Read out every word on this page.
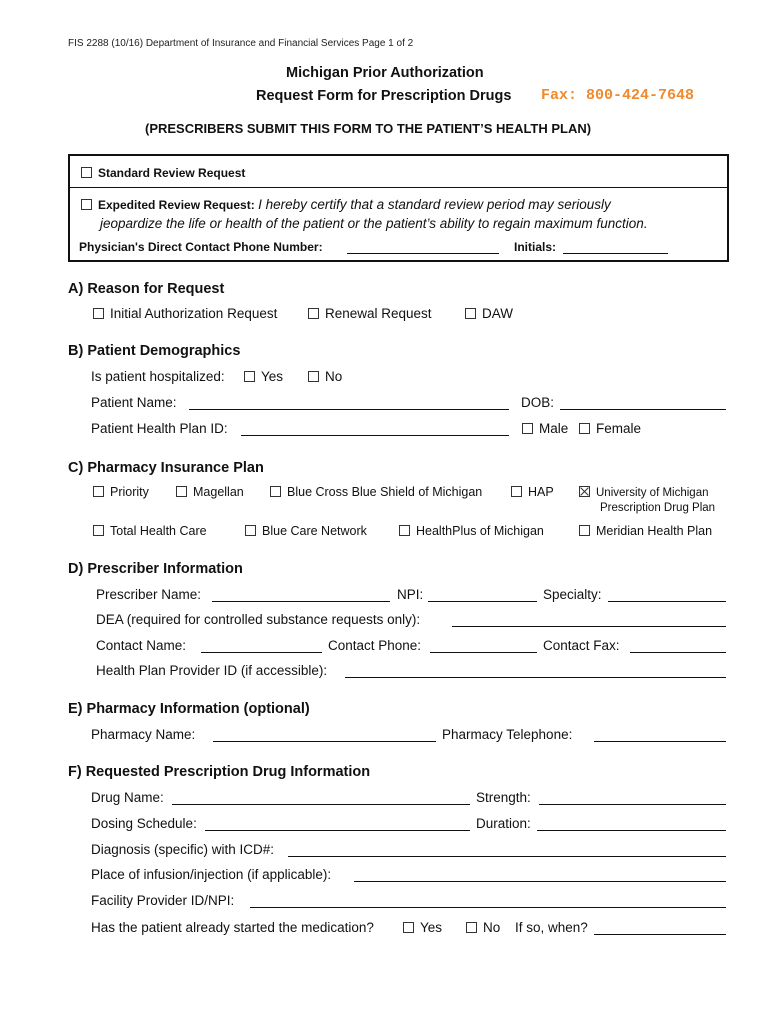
FIS 2288 (10/16) Department of Insurance and Financial Services Page 1 of 2
Michigan Prior Authorization
Request Form for Prescription Drugs Fax: 800-424-7648
(PRESCRIBERS SUBMIT THIS FORM TO THE PATIENT’S HEALTH PLAN)
Standard Review Request
Expedited Review Request: I hereby certify that a standard review period may seriously
jeopardize the life or health of the patient or the patient’s ability to regain maximum function.
Physician's Direct Contact Phone Number:	Initials:
A) Reason for Request
Initial Authorization Request	Renewal Request	DAW
B) Patient Demographics
Is patient hospitalized:	Yes	No
Patient Name:	DOB:
Patient Health Plan ID:	Male	Female
C) Pharmacy Insurance Plan
Priority	Magellan	Blue Cross Blue Shield of Michigan	HAP	University of Michigan
Prescription Drug Plan
Total Health Care	Blue Care Network	HealthPlus of Michigan	Meridian Health Plan
D) Prescriber Information
Prescriber Name:	NPI:	Specialty:
DEA (required for controlled substance requests only):
Contact Name:	Contact Phone:	Contact Fax:
Health Plan Provider ID (if accessible):
E) Pharmacy Information (optional)
Pharmacy Name:	Pharmacy Telephone:
F) Requested Prescription Drug Information
Drug Name:	Strength:
Dosing Schedule:	Duration:
Diagnosis (specific) with ICD#:
Place of infusion/injection (if applicable):
Facility Provider ID/NPI:
Has the patient already started the medication?	Yes	No If so, when?
